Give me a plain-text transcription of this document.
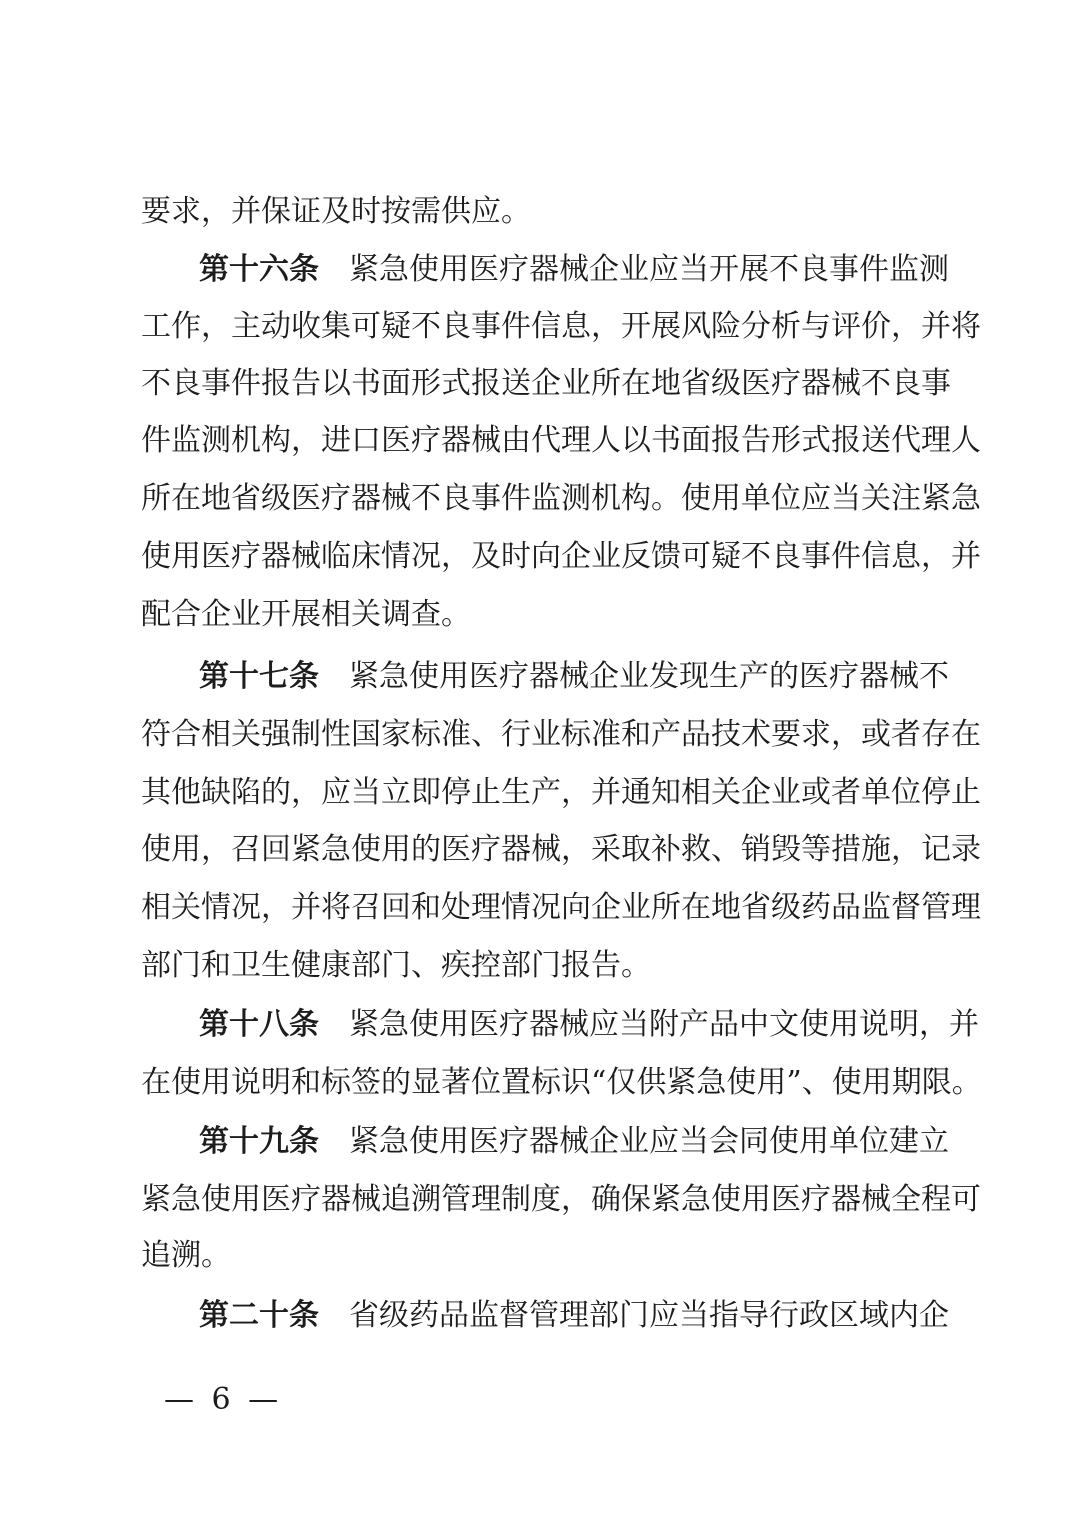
要求，并保证及时按需供应。
第十六条 紧 急 使 用 医 疗 器 械 企 业 应 当 开 展 不 良 事 件 监 测
工 作 ， 主 动 收 集 可 疑 不 良 事 件 信 息 ， 开 展 风 险 分 析 与 评 价 ， 并 将
不 良 事 件 报 告 以 书 面 形 式 报 送 企 业 所 在 地 省 级 医 疗 器 械 不 良 事
件 监 测 机 构 ， 进 口 医 疗 器 械 由 代 理 人 以 书 面 报 告 形 式 报 送 代 理 人
所 在 地 省 级 医 疗 器 械 不 良 事 件 监 测 机 构 。 使 用 单 位 应 当 关 注 紧 急
使 用 医 疗 器 械 临 床 情 况 ， 及 时 向 企 业 反 馈 可 疑 不 良 事 件 信 息 ， 并
配合企业开展相关调查。
第十七条 紧 急 使 用 医 疗 器 械 企 业 发 现 生 产 的 医 疗 器 械 不
符 合 相 关 强 制 性 国 家 标 准 、 行 业 标 准 和 产 品 技 术 要 求 ， 或 者 存 在
其 他 缺 陷 的 ， 应 当 立 即 停 止 生 产 ， 并 通 知 相 关 企 业 或 者 单 位 停 止
使 用 ， 召 回 紧 急 使 用 的 医 疗 器 械 ， 采 取 补 救 、 销 毁 等 措 施 ， 记 录
相 关 情 况 ， 并 将 召 回 和 处 理 情 况 向 企 业 所 在 地 省 级 药 品 监 督 管 理
部门和卫生健康部门、疾控部门报告。
第十八条 紧 急 使 用 医 疗 器 械 应 当 附 产 品 中 文 使 用 说 明 ， 并
在 使 用 说 明 和 标 签 的 显 著 位 置 标 识 “ 仅 供 紧 急 使 用 ” 、 使 用 期 限 。
第十九条 紧 急 使 用 医 疗 器 械 企 业 应 当 会 同 使 用 单 位 建 立
紧 急 使 用 医 疗 器 械 追 溯 管 理 制 度 ， 确 保 紧 急 使 用 医 疗 器 械 全 程 可
追溯。
第二十条 省 级 药 品 监 督 管 理 部 门 应 当 指 导 行 政 区 域 内 企
— 6 —
